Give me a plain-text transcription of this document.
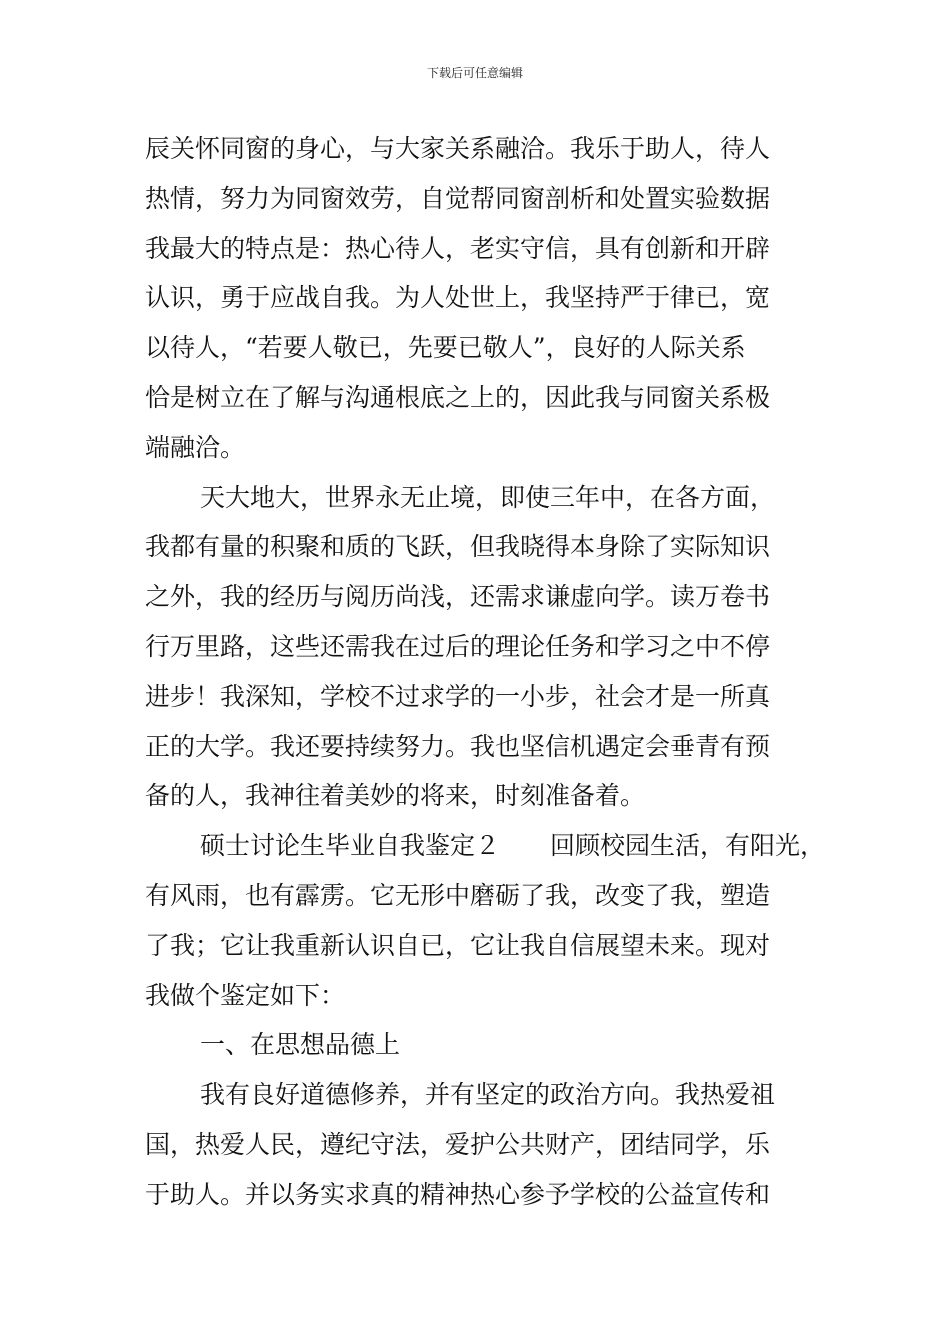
下载后可任意编辑
辰关怀同窗的身心，与大家关系融洽。我乐于助人，待人
热情，努力为同窗效劳，自觉帮同窗剖析和处置实验数据
我最大的特点是：热心待人，老实守信，具有创新和开辟
认识，勇于应战自我。为人处世上，我坚持严于律已，宽
以待人，“若要人敬已，先要已敬人”，良好的人际关系
恰是树立在了解与沟通根底之上的，因此我与同窗关系极
端融洽。
天大地大，世界永无止境，即使三年中，在各方面，
我都有量的积聚和质的飞跃，但我晓得本身除了实际知识
之外，我的经历与阅历尚浅，还需求谦虚向学。读万卷书
行万里路，这些还需我在过后的理论任务和学习之中不停
进步！我深知，学校不过求学的一小步，社会才是一所真
正的大学。我还要持续努力。我也坚信机遇定会垂青有预
备的人，我神往着美妙的将来，时刻准备着。
硕士讨论生毕业自我鉴定２　　回顾校园生活，有阳光，
有风雨，也有霹雳。它无形中磨砺了我，改变了我，塑造
了我；它让我重新认识自已，它让我自信展望未来。现对
我做个鉴定如下：
一、在思想品德上
我有良好道德修养，并有坚定的政治方向。我热爱祖
国，热爱人民，遵纪守法，爱护公共财产，团结同学，乐
于助人。并以务实求真的精神热心参予学校的公益宣传和
